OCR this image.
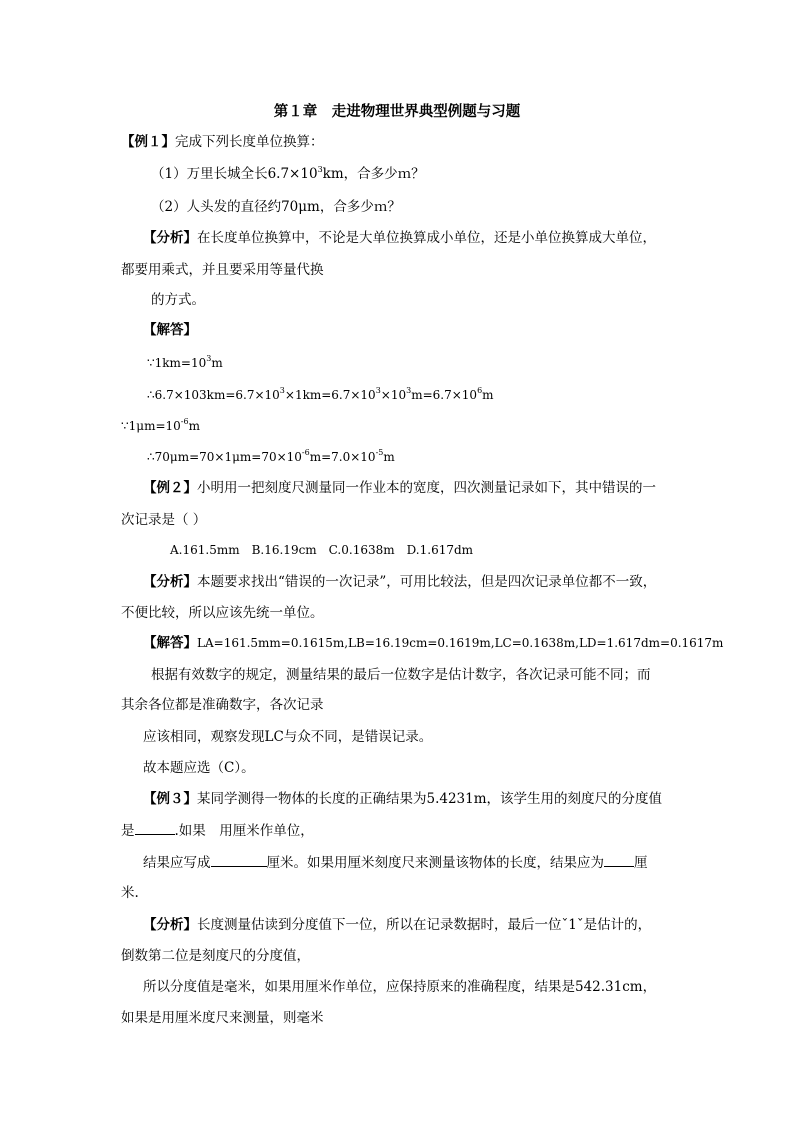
第１章　走进物理世界典型例题与习题
【例１】完成下列长度单位换算：
（1）万里长城全长$6.7\times 10^3km$，合多少ｍ？
（2）人头发的直径约70μm，合多少ｍ？
【分析】在长度单位换算中，不论是大单位换算成小单位，还是小单位换算成大单位，
都要用乘式，并且要采用等量代换
的方式。
【解答】
$\because 1km=10^3m$
$\therefore 6.7\times 103km=6.7\times 10^3\times 1km=6.7\times 10^3\times 10^3m=6.7\times 10^6m$
$\because 1\mu m=10^{-6}m$
$\therefore 70\mu m=70\times 1\mu m=70\times 10^{-6}m=7.0\times 10^{-5}m$
【例２】小明用一把刻度尺测量同一作业本的宽度，四次测量记录如下，其中错误的一
次记录是（ ）
A.161.5mm　B.16.19cm　C.0.1638m　D.1.617dm
【分析】本题要求找出“错误的一次记录”，可用比较法，但是四次记录单位都不一致，
不便比较，所以应该先统一单位。
【解答】LA=161.5mm=0.1615m,LB=16.19cm=0.1619m,LC=0.1638m,LD=1.617dm=0.1617m
根据有效数字的规定，测量结果的最后一位数字是估计数字，各次记录可能不同；而
其余各位都是准确数字，各次记录
应该相同，观察发现LC与众不同，是错误记录。
故本题应选（C）。
【例３】某同学测得一物体的长度的正确结果为5.4231m，该学生用的刻度尺的分度值
是	.如果　用厘米作单位，
结果应写成	厘米。如果用厘米刻度尺来测量该物体的长度，结果应为 厘
米.
【分析】长度测量估读到分度值下一位，所以在记录数据时，最后一位ˇ1ˇ是估计的，
倒数第二位是刻度尺的分度值，
所以分度值是毫米，如果用厘米作单位，应保持原来的准确程度，结果是542.31cm，
如果是用厘米度尺来测量，则毫米
